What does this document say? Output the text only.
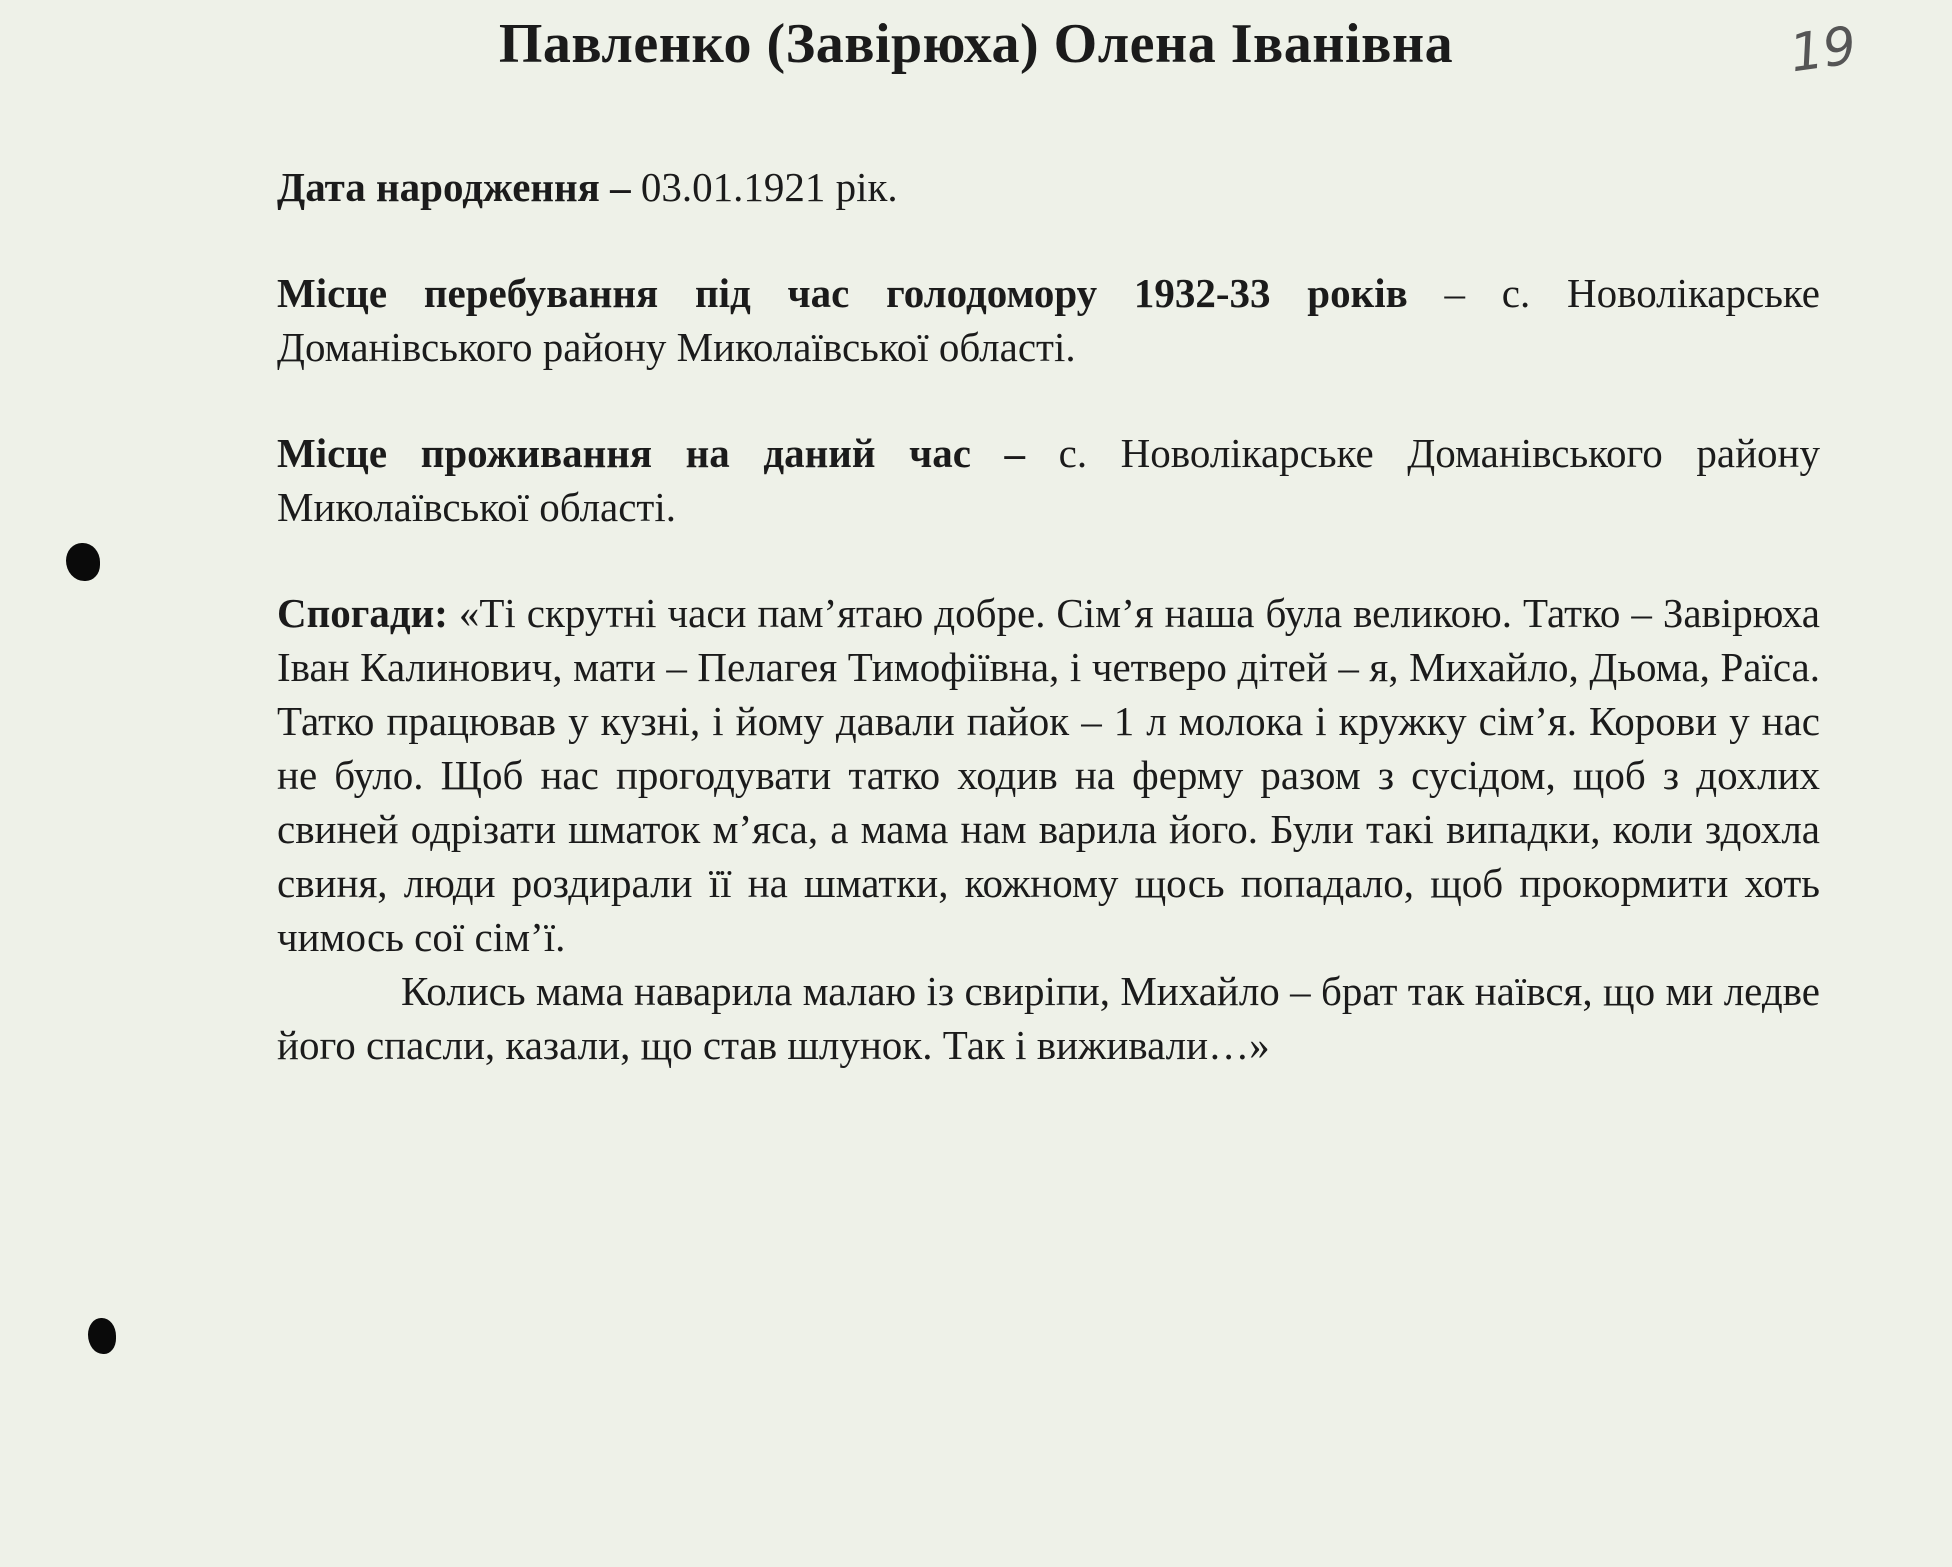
Павленко (Завірюха) Олена Іванівна	19

Дата народження – 03.01.1921 рік.

Місце перебування під час голодомору 1932-33 років – с. Новолікарське Доманівського району Миколаївської області.

Місце проживання на даний час – с. Новолікарське Доманівського району Миколаївської області.

Спогади: «Ті скрутні часи пам’ятаю добре. Сім’я наша була великою. Татко – Завірюха Іван Калинович, мати – Пелагея Тимофіївна, і четверо дітей – я, Михайло, Дьома, Раїса. Татко працював у кузні, і йому давали пайок – 1 л молока і кружку сім’я. Корови у нас не було. Щоб нас прогодувати татко ходив на ферму разом з сусідом, щоб з дохлих свиней одрізати шматок м’яса, а мама нам варила його. Були такі випадки, коли здохла свиня, люди роздирали її на шматки, кожному щось попадало, щоб прокормити хоть чимось сої сім’ї.

Колись мама наварила малаю із свиріпи, Михайло – брат так наївся, що ми ледве його спасли, казали, що став шлунок. Так і виживали…»
